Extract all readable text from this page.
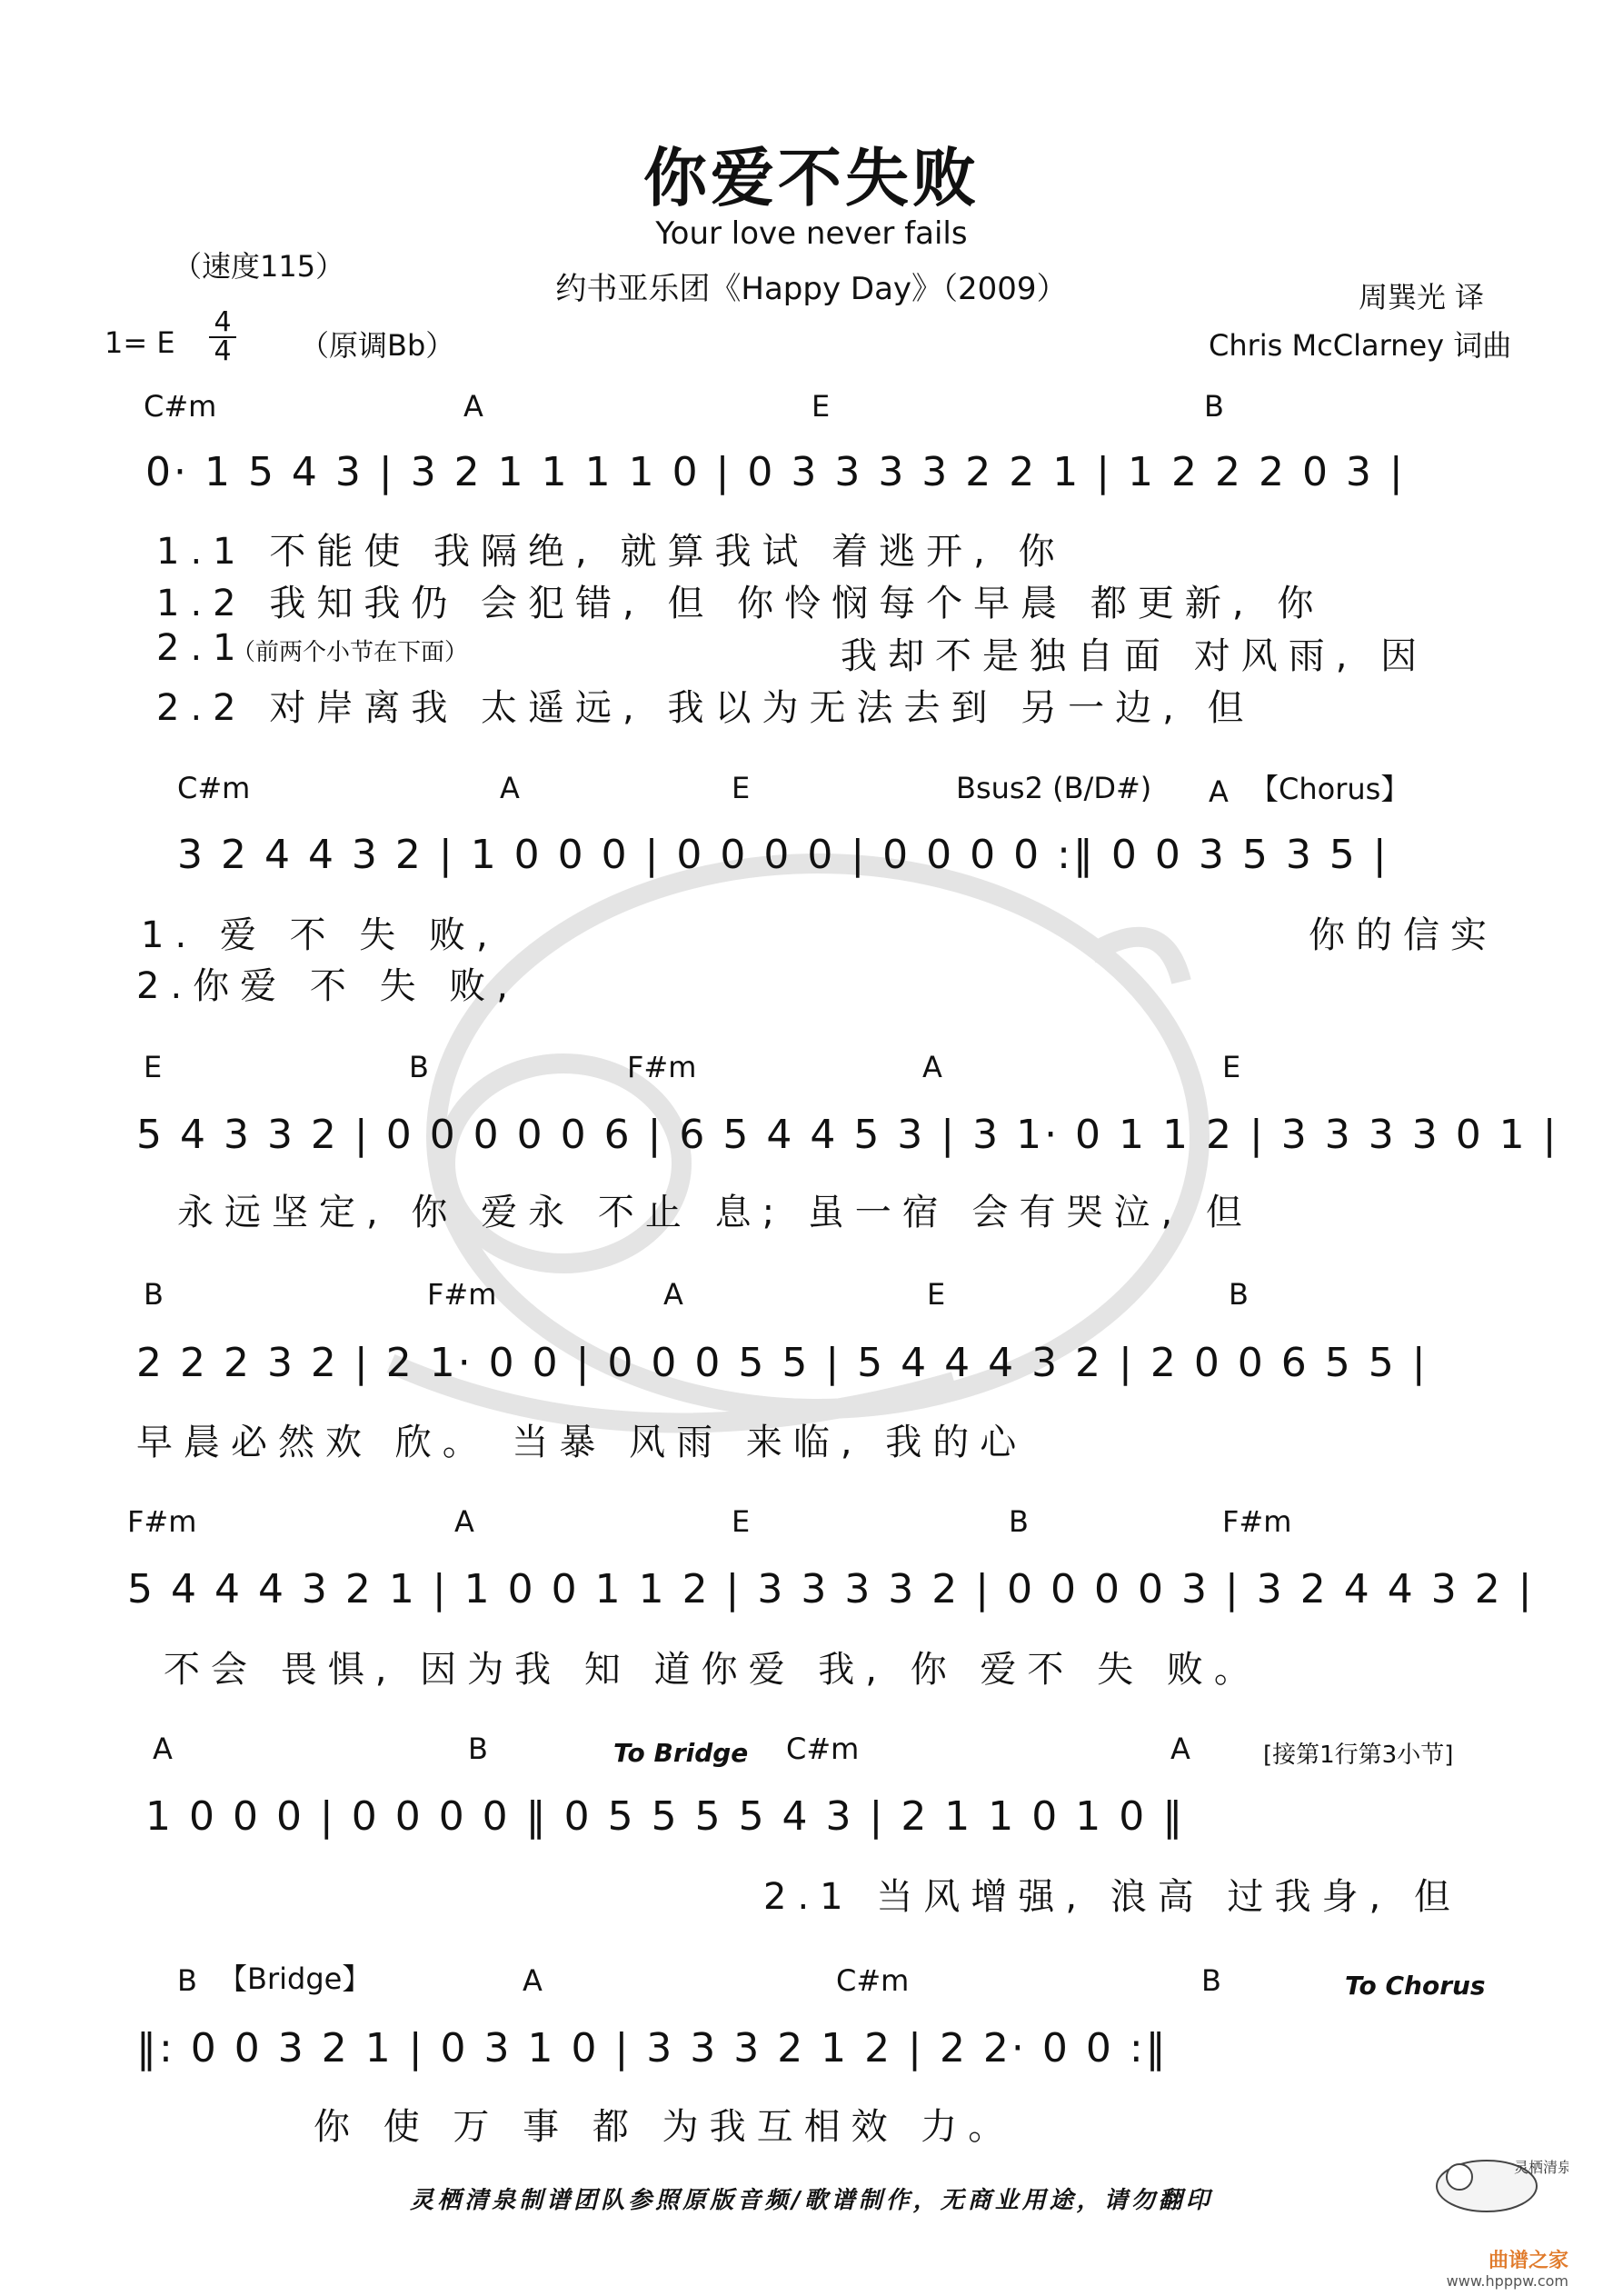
你爱不失败
Your love never fails
约书亚乐团《Happy Day》（2009）
（速度115）
周巽光 译
Chris McClarney 词曲
1= E $\frac{4}{4}$ （原调Bb）
C#m	A	E	B
0· 1 5 4 3 | 3 2 1 1 1 1 0 | 0 3 3 3 3 2 2 1 | 1 2 2 2 0 3 |
1.1 不能使 我隔绝, 就算我试 着逃开, 你
1.2 我知我仍 会犯错, 但 你怜悯每个早晨 都更新, 你
2.1
（前两个小节在下面）	我却不是独自面 对风雨, 因
2.2 对岸离我 太遥远, 我以为无法去到 另一边, 但
C#m	A	E	Bsus2 (B/D#) A 【Chorus】
3 2 4 4 3 2 | 1 0 0 0 | 0 0 0 0 | 0 0 0 0 :‖ 0 0 3 5 3 5 |
1. 爱 不 失 败,
2.你爱 不 失 败,
你的信实
E	B	F#m	A	E
5 4 3 3 2 | 0 0 0 0 0 6 | 6 5 4 4 5 3 | 3 1· 0 1 1 2 | 3 3 3 3 0 1 |
永远坚定, 你 爱永 不止 息; 虽一宿 会有哭泣, 但
B	F#m	A	E	B
2 2 2 3 2 | 2 1· 0 0 | 0 0 0 5 5 | 5 4 4 4 3 2 | 2 0 0 6 5 5 |
早晨必然欢 欣。 当暴 风雨 来临, 我的心
F#m	A	E	B	F#m
5 4 4 4 3 2 1 | 1 0 0 1 1 2 | 3 3 3 3 2 | 0 0 0 0 3 | 3 2 4 4 3 2 |
不会 畏惧, 因为我 知 道你爱 我, 你 爱不 失 败。
A	B	To Bridge C#m	A	[接第1行第3小节]
1 0 0 0 | 0 0 0 0 ‖ 0 5 5 5 5 4 3 | 2 1 1 0 1 0 ‖
2.1 当风增强, 浪高 过我身, 但
B 【Bridge】	A	C#m	B	To Chorus
‖: 0 0 3 2 1 | 0 3 1 0 | 3 3 3 2 1 2 | 2 2· 0 0 :‖
你 使 万 事 都 为我互相效 力。
灵栖清泉制谱团队参照原版音频/歌谱制作，无商业用途，请勿翻印
灵栖清泉
曲谱之家
www.hpppw.com
